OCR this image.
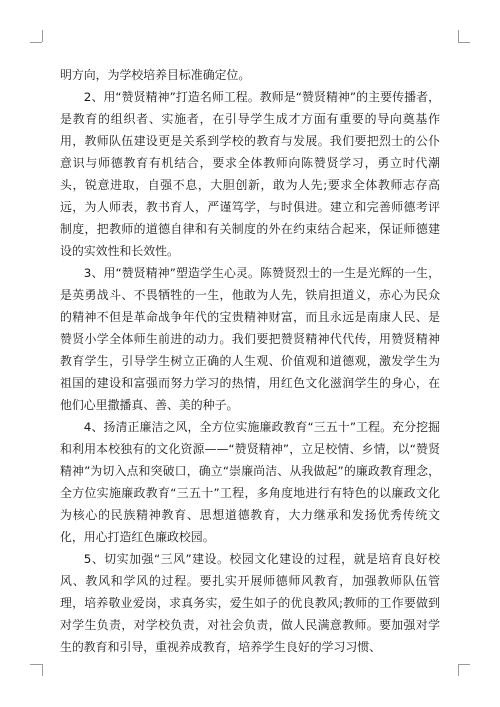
明方向，为学校培养目标准确定位。

2、用“赞贤精神”打造名师工程。教师是“赞贤精神”的主要传播者，是教育的组织者、实施者，在引导学生成才方面有重要的导向奠基作用，教师队伍建设更是关系到学校的教育与发展。我们要把烈士的公仆意识与师德教育有机结合，要求全体教师向陈赞贤学习，勇立时代潮头，锐意进取，自强不息，大胆创新，敢为人先;要求全体教师志存高远，为人师表，教书育人，严谨笃学，与时俱进。建立和完善师德考评制度，把教师的道德自律和有关制度的外在约束结合起来，保证师德建设的实效性和长效性。

3、用“赞贤精神”塑造学生心灵。陈赞贤烈士的一生是光辉的一生，是英勇战斗、不畏牺牲的一生，他敢为人先，铁肩担道义，赤心为民众的精神不但是革命战争年代的宝贵精神财富，而且永远是南康人民、是赞贤小学全体师生前进的动力。我们要把赞贤精神代代传，用赞贤精神教育学生，引导学生树立正确的人生观、价值观和道德观，激发学生为祖国的建设和富强而努力学习的热情，用红色文化滋润学生的身心，在他们心里撒播真、善、美的种子。

4、扬清正廉洁之风，全方位实施廉政教育“三五十”工程。充分挖掘和利用本校独有的文化资源——“赞贤精神”，立足校情、乡情，以“赞贤精神”为切入点和突破口，确立“崇廉尚洁、从我做起”的廉政教育理念，全方位实施廉政教育“三五十”工程，多角度地进行有特色的以廉政文化为核心的民族精神教育、思想道德教育，大力继承和发扬优秀传统文化，用心打造红色廉政校园。

5、切实加强“三风”建设。校园文化建设的过程，就是培育良好校风、教风和学风的过程。要扎实开展师德师风教育，加强教师队伍管理，培养敬业爱岗，求真务实，爱生如子的优良教风;教师的工作要做到对学生负责，对学校负责，对社会负责，做人民满意教师。要加强对学生的教育和引导，重视养成教育，培养学生良好的学习习惯、
